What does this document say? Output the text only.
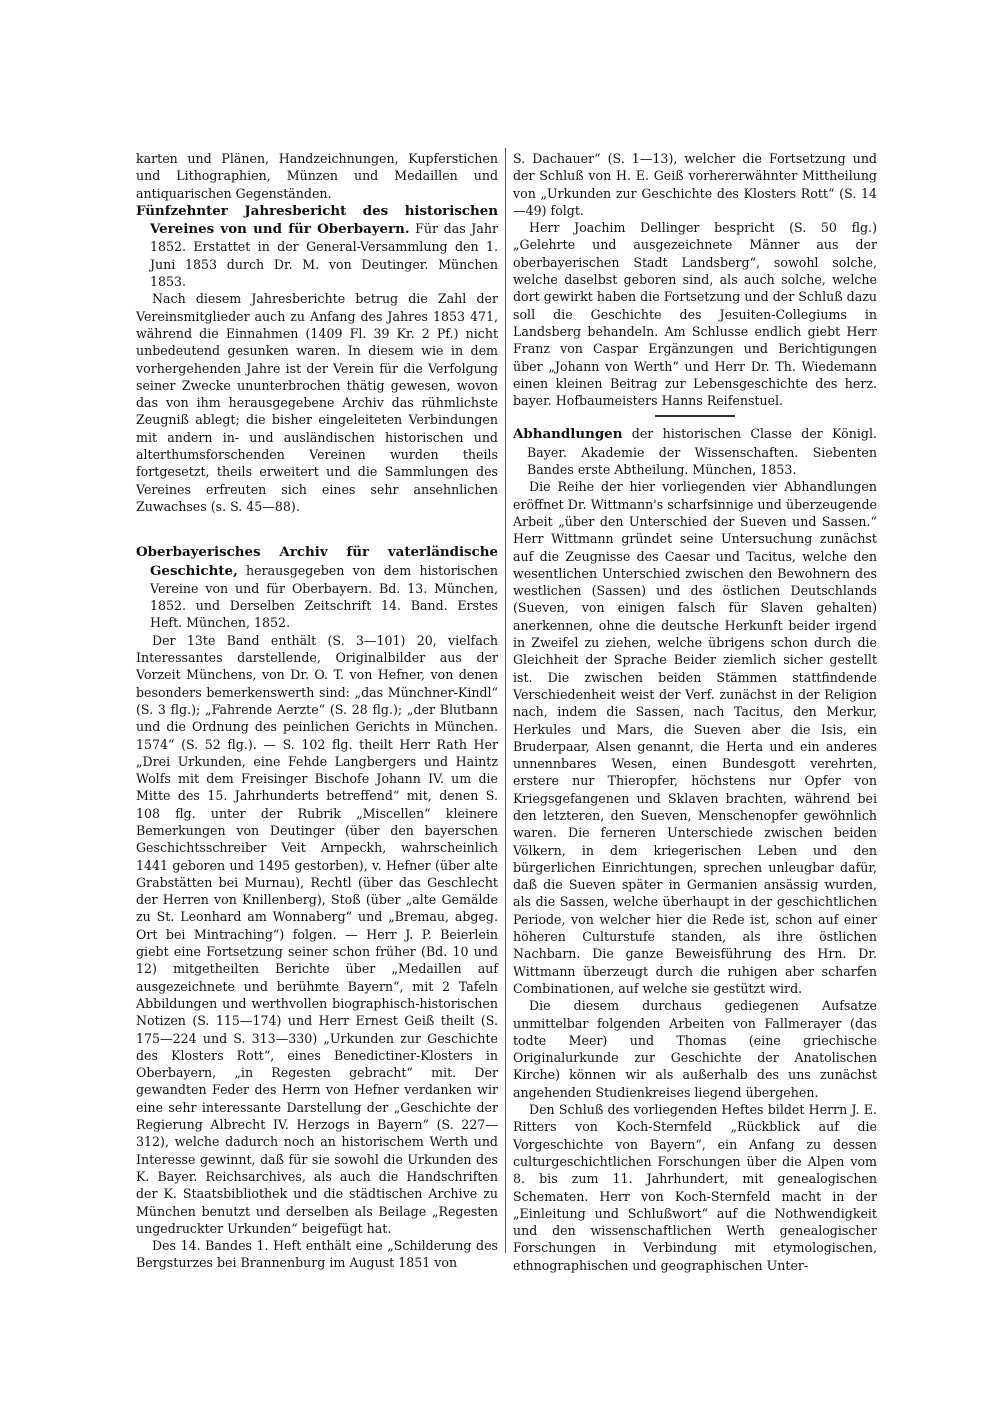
karten und Plänen, Handzeichnungen, Kupferstichen und Lithographien, Münzen und Medaillen und antiquarischen Gegenständen.

Fünfzehnter Jahresbericht des historischen Vereines von und für Oberbayern. Für das Jahr 1852. Erstattet in der General-Versammlung den 1. Juni 1853 durch Dr. M. von Deutinger. München 1853.

Nach diesem Jahresberichte betrug die Zahl der Vereinsmitglieder auch zu Anfang des Jahres 1853 471, während die Einnahmen (1409 Fl. 39 Kr. 2 Pf.) nicht unbedeutend gesunken waren. In diesem wie in dem vorhergehenden Jahre ist der Verein für die Verfolgung seiner Zwecke ununterbrochen thätig gewesen, wovon das von ihm herausgegebene Archiv das rühmlichste Zeugniß ablegt; die bisher eingeleiteten Verbindungen mit andern in- und ausländischen historischen und alterthumsforschenden Vereinen wurden theils fortgesetzt, theils erweitert und die Sammlungen des Vereines erfreuten sich eines sehr ansehnlichen Zuwachses (s. S. 45—88).

Oberbayerisches Archiv für vaterländische Geschichte, herausgegeben von dem historischen Vereine von und für Oberbayern. Bd. 13. München, 1852. und Derselben Zeitschrift 14. Band. Erstes Heft. München, 1852.

Der 13te Band enthält (S. 3—101) 20, vielfach Interessantes darstellende, Originalbilder aus der Vorzeit Münchens, von Dr. O. T. von Hefner, von denen besonders bemerkenswerth sind: „das Münchner-Kindl“ (S. 3 flg.); „Fahrende Aerzte“ (S. 28 flg.); „der Blutbann und die Ordnung des peinlichen Gerichts in München. 1574“ (S. 52 flg.). — S. 102 flg. theilt Herr Rath Her „Drei Urkunden, eine Fehde Langbergers und Haintz Wolfs mit dem Freisinger Bischofe Johann IV. um die Mitte des 15. Jahrhunderts betreffend“ mit, denen S. 108 flg. unter der Rubrik „Miscellen“ kleinere Bemerkungen von Deutinger (über den bayerschen Geschichtsschreiber Veit Arnpeckh, wahrscheinlich 1441 geboren und 1495 gestorben), v. Hefner (über alte Grabstätten bei Murnau), Rechtl (über das Geschlecht der Herren von Knillenberg), Stoß (über „alte Gemälde zu St. Leonhard am Wonnaberg“ und „Bremau, abgeg. Ort bei Mintraching“) folgen. — Herr J. P. Beierlein giebt eine Fortsetzung seiner schon früher (Bd. 10 und 12) mitgetheilten Berichte über „Medaillen auf ausgezeichnete und berühmte Bayern“, mit 2 Tafeln Abbildungen und werthvollen biographisch-historischen Notizen (S. 115—174) und Herr Ernest Geiß theilt (S. 175—224 und S. 313—330) „Urkunden zur Geschichte des Klosters Rott“, eines Benedictiner-Klosters in Oberbayern, „in Regesten gebracht“ mit. Der gewandten Feder des Herrn von Hefner verdanken wir eine sehr interessante Darstellung der „Geschichte der Regierung Albrecht IV. Herzogs in Bayern“ (S. 227—312), welche dadurch noch an historischem Werth und Interesse gewinnt, daß für sie sowohl die Urkunden des K. Bayer. Reichsarchives, als auch die Handschriften der K. Staatsbibliothek und die städtischen Archive zu München benutzt und derselben als Beilage „Regesten ungedruckter Urkunden“ beigefügt hat.

Des 14. Bandes 1. Heft enthält eine „Schilderung des Bergsturzes bei Brannenburg im August 1851 von

S. Dachauer“ (S. 1—13), welcher die Fortsetzung und der Schluß von H. E. Geiß vorhererwähnter Mittheilung von „Urkunden zur Geschichte des Klosters Rott“ (S. 14—49) folgt.

Herr Joachim Dellinger bespricht (S. 50 flg.) „Gelehrte und ausgezeichnete Männer aus der oberbayerischen Stadt Landsberg“, sowohl solche, welche daselbst geboren sind, als auch solche, welche dort gewirkt haben die Fortsetzung und der Schluß dazu soll die Geschichte des Jesuiten-Collegiums in Landsberg behandeln. Am Schlusse endlich giebt Herr Franz von Caspar Ergänzungen und Berichtigungen über „Johann von Werth“ und Herr Dr. Th. Wiedemann einen kleinen Beitrag zur Lebensgeschichte des herz. bayer. Hofbaumeisters Hanns Reifenstuel.

Abhandlungen der historischen Classe der Königl. Bayer. Akademie der Wissenschaften. Siebenten Bandes erste Abtheilung. München, 1853.

Die Reihe der hier vorliegenden vier Abhandlungen eröffnet Dr. Wittmann's scharfsinnige und überzeugende Arbeit „über den Unterschied der Sueven und Sassen.“ Herr Wittmann gründet seine Untersuchung zunächst auf die Zeugnisse des Caesar und Tacitus, welche den wesentlichen Unterschied zwischen den Bewohnern des westlichen (Sassen) und des östlichen Deutschlands (Sueven, von einigen falsch für Slaven gehalten) anerkennen, ohne die deutsche Herkunft beider irgend in Zweifel zu ziehen, welche übrigens schon durch die Gleichheit der Sprache Beider ziemlich sicher gestellt ist. Die zwischen beiden Stämmen stattfindende Verschiedenheit weist der Verf. zunächst in der Religion nach, indem die Sassen, nach Tacitus, den Merkur, Herkules und Mars, die Sueven aber die Isis, ein Bruderpaar, Alsen genannt, die Herta und ein anderes unnennbares Wesen, einen Bundesgott verehrten, erstere nur Thieropfer, höchstens nur Opfer von Kriegsgefangenen und Sklaven brachten, während bei den letzteren, den Sueven, Menschenopfer gewöhnlich waren. Die ferneren Unterschiede zwischen beiden Völkern, in dem kriegerischen Leben und den bürgerlichen Einrichtungen, sprechen unleugbar dafür, daß die Sueven später in Germanien ansässig wurden, als die Sassen, welche überhaupt in der geschichtlichen Periode, von welcher hier die Rede ist, schon auf einer höheren Culturstufe standen, als ihre östlichen Nachbarn. Die ganze Beweisführung des Hrn. Dr. Wittmann überzeugt durch die ruhigen aber scharfen Combinationen, auf welche sie gestützt wird.

Die diesem durchaus gediegenen Aufsatze unmittelbar folgenden Arbeiten von Fallmerayer (das todte Meer) und Thomas (eine griechische Originalurkunde zur Geschichte der Anatolischen Kirche) können wir als außerhalb des uns zunächst angehenden Studienkreises liegend übergehen.

Den Schluß des vorliegenden Heftes bildet Herrn J. E. Ritters von Koch-Sternfeld „Rückblick auf die Vorgeschichte von Bayern“, ein Anfang zu dessen culturgeschichtlichen Forschungen über die Alpen vom 8. bis zum 11. Jahrhundert, mit genealogischen Schematen. Herr von Koch-Sternfeld macht in der „Einleitung und Schlußwort“ auf die Nothwendigkeit und den wissenschaftlichen Werth genealogischer Forschungen in Verbindung mit etymologischen, ethnographischen und geographischen Unter-
